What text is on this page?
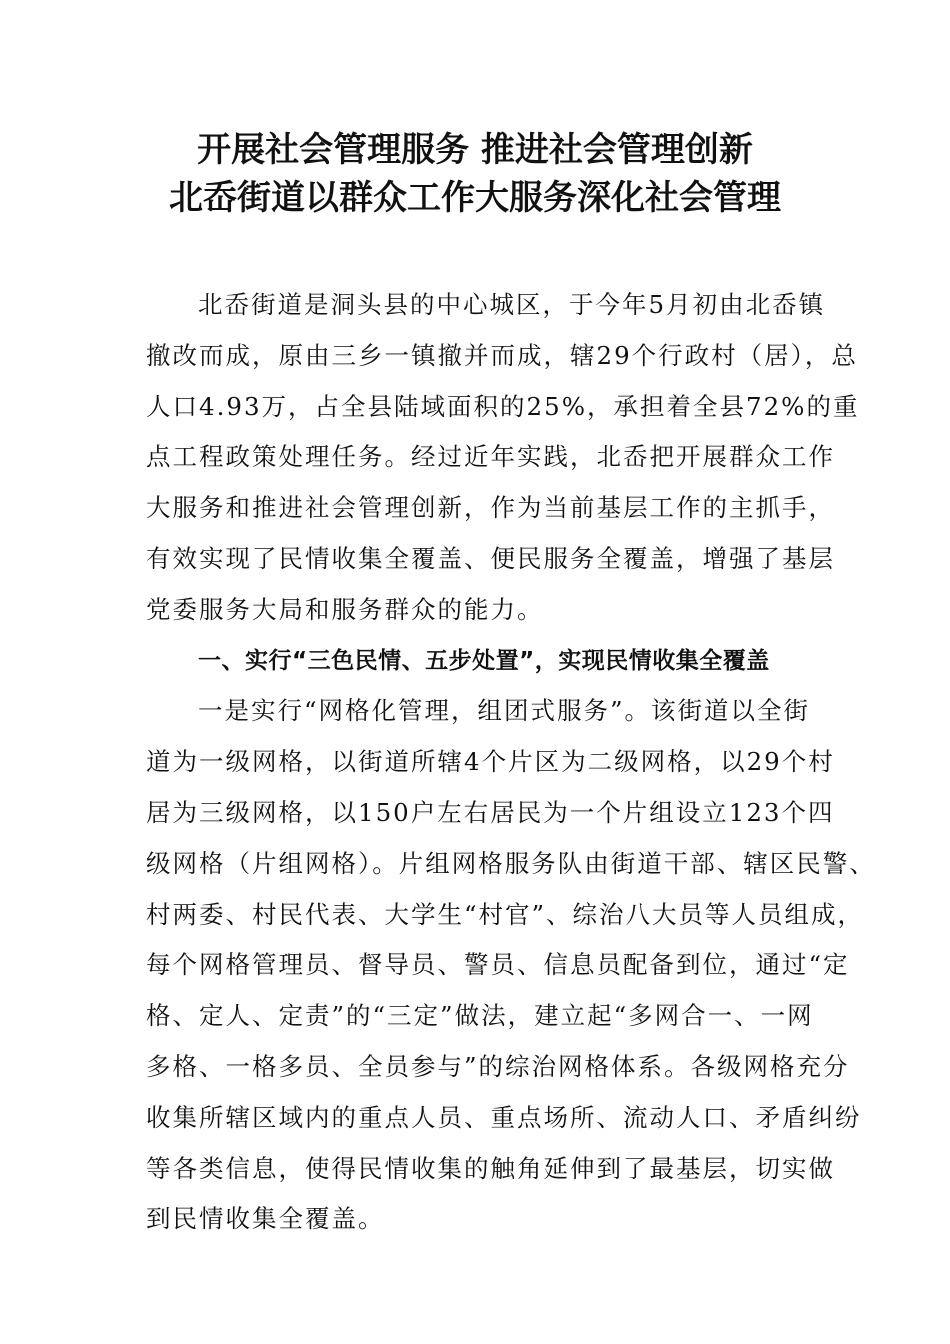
开展社会管理服务 推进社会管理创新
北岙街道以群众工作大服务深化社会管理
北岙街道是洞头县的中心城区，于今年5月初由北岙镇
撤改而成，原由三乡一镇撤并而成，辖29个行政村（居），总
人口4.93万，占全县陆域面积的25%，承担着全县72%的重
点工程政策处理任务。经过近年实践，北岙把开展群众工作
大服务和推进社会管理创新，作为当前基层工作的主抓手，
有效实现了民情收集全覆盖、便民服务全覆盖，增强了基层
党委服务大局和服务群众的能力。
一、实行“三色民情、五步处置”，实现民情收集全覆盖
一是实行“网格化管理，组团式服务”。该街道以全街
道为一级网格，以街道所辖4个片区为二级网格，以29个村
居为三级网格，以150户左右居民为一个片组设立123个四
级网格（片组网格）。片组网格服务队由街道干部、辖区民警、
村两委、村民代表、大学生“村官”、综治八大员等人员组成，
每个网格管理员、督导员、警员、信息员配备到位，通过“定
格、定人、定责”的“三定”做法，建立起“多网合一、一网
多格、一格多员、全员参与”的综治网格体系。各级网格充分
收集所辖区域内的重点人员、重点场所、流动人口、矛盾纠纷
等各类信息，使得民情收集的触角延伸到了最基层，切实做
到民情收集全覆盖。
